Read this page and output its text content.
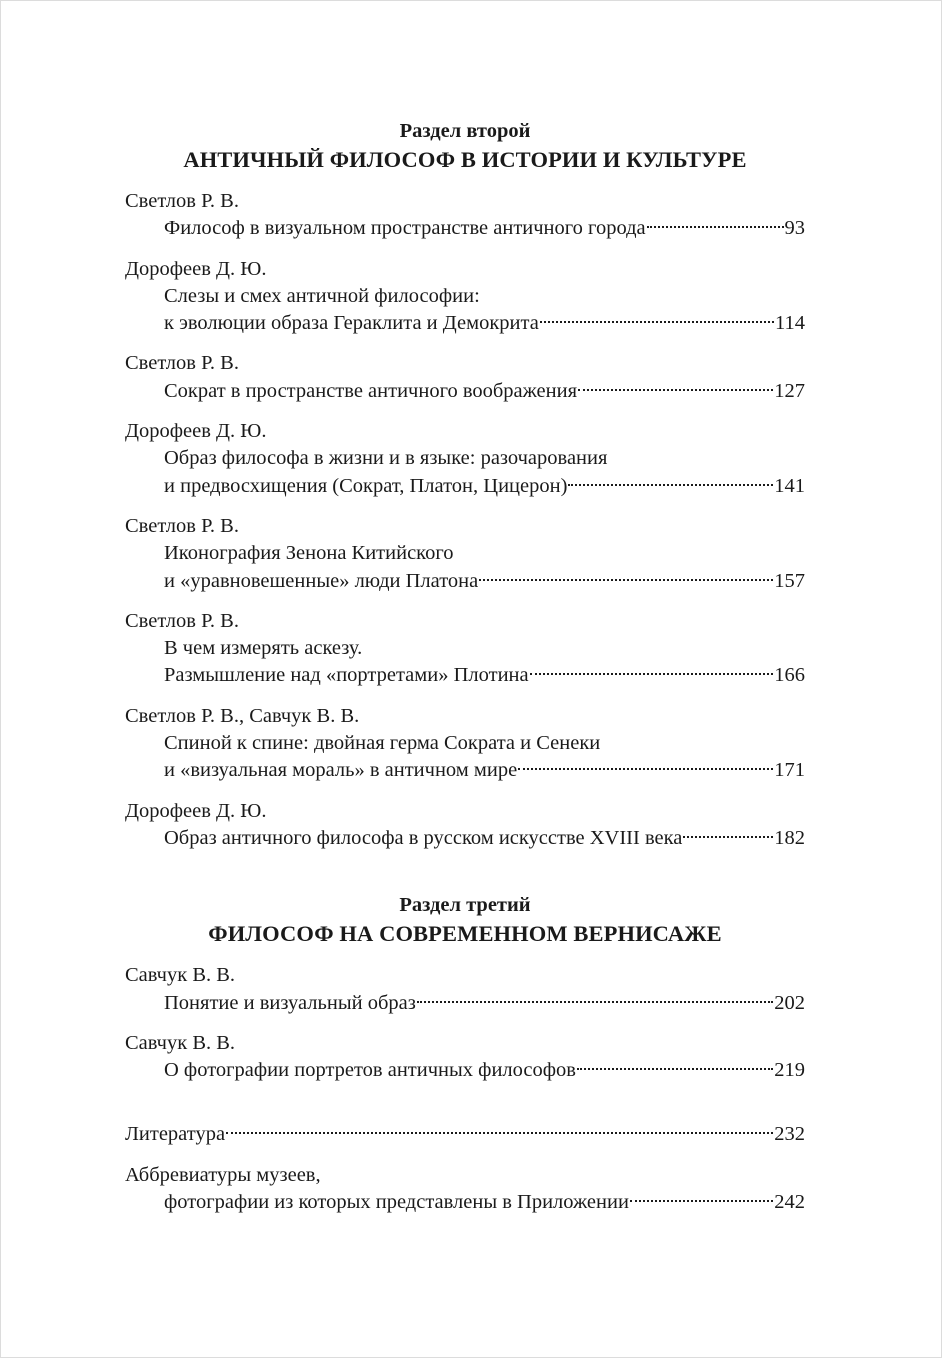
Раздел второй
АНТИЧНЫЙ ФИЛОСОФ В ИСТОРИИ И КУЛЬТУРЕ
Светлов Р. В.
Философ в визуальном пространстве античного города	93
Дорофеев Д. Ю.
Слезы и смех античной философии:
к эволюции образа Гераклита и Демокрита	114
Светлов Р. В.
Сократ в пространстве античного воображения	127
Дорофеев Д. Ю.
Образ философа в жизни и в языке: разочарования
и предвосхищения (Сократ, Платон, Цицерон)	141
Светлов Р. В.
Иконография Зенона Китийского
и «уравновешенные» люди Платона	157
Светлов Р. В.
В чем измерять аскезу.
Размышление над «портретами» Плотина	166
Светлов Р. В., Савчук В. В.
Спиной к спине: двойная герма Сократа и Сенеки
и «визуальная мораль» в античном мире	171
Дорофеев Д. Ю.
Образ античного философа в русском искусстве XVIII века	182
Раздел третий
ФИЛОСОФ НА СОВРЕМЕННОМ ВЕРНИСАЖЕ
Савчук В. В.
Понятие и визуальный образ	202
Савчук В. В.
О фотографии портретов античных философов	219
Литература	232
Аббревиатуры музеев,
фотографии из которых представлены в Приложении	242
